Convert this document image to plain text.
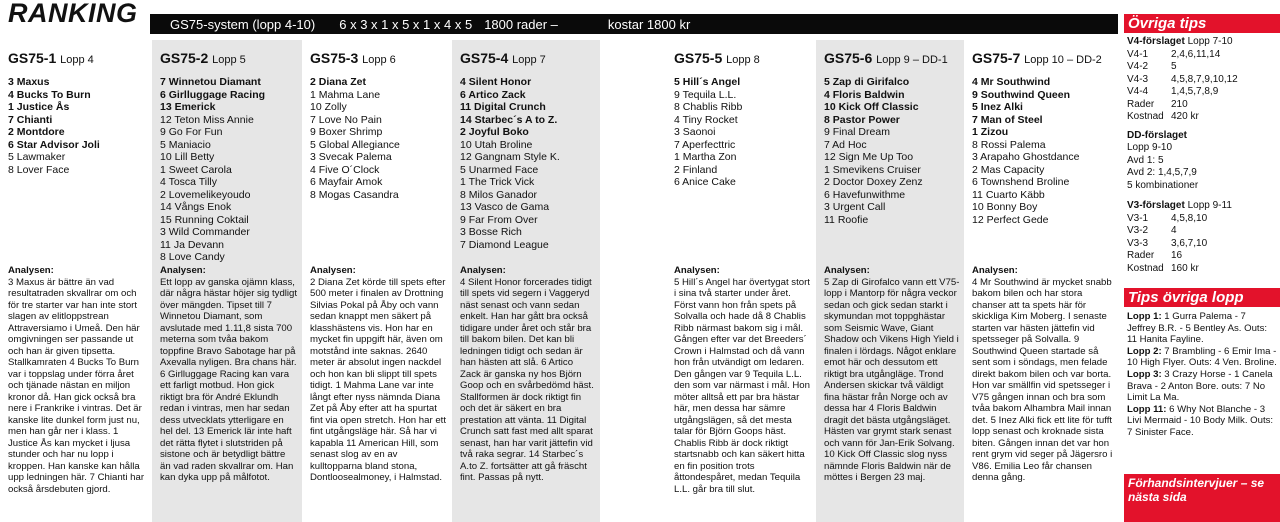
RANKING	GS75-system (lopp 4-10) 6 x 3 x 1 x 5 x 1 x 4 x 5 1800 rader –	kostar 1800 kr
GS75-1 Lopp 4
3 Maxus
4 Bucks To Burn
1 Justice Ås
7 Chianti
2 Montdore
6 Star Advisor Joli
5 Lawmaker
8 Lover Face
Analysen:

3 Maxus är bättre än vad resultatraden skvallrar om och för tre starter var han inte stort slagen av elitloppstrean Attraversiamo i Umeå. Den här omgivningen ser passande ut och han är given tipsetta. Stallkamraten 4 Bucks To Burn var i toppslag under förra året och tjänade nästan en miljon kronor då. Han gick också bra nere i Frankrike i vintras. Det är kanske lite dunkel form just nu, men han går ner i klass. 1 Justice Ås kan mycket i ljusa stunder och har nu lopp i kroppen. Han kanske kan hålla upp ledningen här. 7 Chianti har också årsdebuten gjord.

GS75-2 Lopp 5
7 Winnetou Diamant
6 Girlluggage Racing
13 Emerick
12 Teton Miss Annie
9 Go For Fun
5 Maniacio
10 Lill Betty
1 Sweet Carola
4 Tosca Tilly
2 Lovemelikeyoudo
14 Vångs Enok
15 Running Coktail
3 Wild Commander
11 Ja Devann
8 Love Candy
Analysen:

Ett lopp av ganska ojämn klass, där några hästar höjer sig tydligt över mängden. Tipset till 7 Winnetou Diamant, som avslutade med 1.11,8 sista 700 meterna som tvåa bakom toppfine Bravo Sabotage har på Axevalla nyligen. Bra chans här. 6 Girlluggage Racing kan vara ett farligt motbud. Hon gick riktigt bra för André Eklundh redan i vintras, men har sedan dess utvecklats ytterligare en hel del. 13 Emerick lär inte haft det rätta flytet i slutstriden på sistone och är betydligt bättre än vad raden skvallrar om. Han kan dyka upp på målfotot.

GS75-3 Lopp 6
2 Diana Zet
1 Mahma Lane
10 Zolly
7 Love No Pain
9 Boxer Shrimp
5 Global Allegiance
3 Svecak Palema
4 Five O´Clock
6 Mayfair Amok
8 Mogas Casandra
Analysen:

2 Diana Zet körde till spets efter 500 meter i finalen av Drottning Silvias Pokal på Åby och vann sedan knappt men säkert på klasshästens vis. Hon har en mycket fin uppgift här, även om motstånd inte saknas. 2640 meter är absolut ingen nackdel och hon kan bli slippt till spets tidigt. 1 Mahma Lane var inte långt efter nyss nämnda Diana Zet på Åby efter att ha spurtat fint via open stretch. Hon har ett fint utgångsläge här. Så har vi kapabla 11 American Hill, som senast slog av en av kulltopparna bland stona, Dontloosealmoney, i Halmstad.

GS75-4 Lopp 7
4 Silent Honor
6 Artico Zack
11 Digital Crunch
14 Starbec´s A to Z.
2 Joyful Boko
10 Utah Broline
12 Gangnam Style K.
5 Unarmed Face
1 The Trick Vick
8 Milos Ganador
13 Vasco de Gama
9 Far From Over
3 Bosse Rich
7 Diamond League
Analysen:

4 Silent Honor forcerades tidigt till spets vid segern i Vaggeryd näst senast och vann sedan enkelt. Han har gått bra också tidigare under året och står bra till bakom bilen. Det kan bli ledningen tidigt och sedan är han hästen att slå. 6 Artico Zack är ganska ny hos Björn Goop och en svårbedömd häst. Stallformen är dock riktigt fin och det är säkert en bra prestation att vänta. 11 Digital Crunch satt fast med allt sparat senast, han har varit jättefin vid två raka segrar. 14 Starbec´s A.to Z. fortsätter att gå fräscht fint. Passas på nytt.

GS75-5 Lopp 8
5 Hill´s Angel
9 Tequila L.L.
8 Chablis Ribb
4 Tiny Rocket
3 Saonoi
7 Aperfecttric
1 Martha Zon
2 Finland
6 Anice Cake
Analysen:

5 Hill´s Angel har övertygat stort i sina två starter under året. Först vann hon från spets på Solvalla och hade då 8 Chablis Ribb närmast bakom sig i mål. Gången efter var det Breeders´ Crown i Halmstad och då vann hon från utvändigt om ledaren. Den gången var 9 Tequila L.L. den som var närmast i mål. Hon möter alltså ett par bra hästar här, men dessa har sämre utgångslägen, så det mesta talar för Björn Goops häst. Chablis Ribb är dock riktigt startsnabb och kan säkert hitta en fin position trots åttondespåret, medan Tequila L.L. går bra till slut.

GS75-6 Lopp 9 – DD-1
5 Zap di Girifalco
4 Floris Baldwin
10 Kick Off Classic
8 Pastor Power
9 Final Dream
7 Ad Hoc
12 Sign Me Up Too
1 Smevikens Cruiser
2 Doctor Doxey Zenz
6 Havefunwithme
3 Urgent Call
11 Roofie
Analysen:

5 Zap di Girofalco vann ett V75-lopp i Mantorp för några veckor sedan och gick sedan starkt i skymundan mot toppghästar som Seismic Wave, Giant Shadow och Vikens High Yield i finalen i lördags. Något enklare emot här och dessutom ett riktigt bra utgångläge. Trond Andersen skickar två väldigt fina hästar från Norge och av dessa har 4 Floris Baldwin dragit det bästa utgångsläget. Hästen var grymt stark senast och vann för Jan-Erik Solvang. 10 Kick Off Classic slog nyss nämnde Floris Baldwin när de möttes i Bergen 23 maj.

GS75-7 Lopp 10 – DD-2
4 Mr Southwind
9 Southwind Queen
5 Inez Alki
7 Man of Steel
1 Zizou
8 Rossi Palema
3 Arapaho Ghostdance
2 Mas Capacity
6 Townshend Broline
11 Cuarto Käbb
10 Bonny Boy
12 Perfect Gede
Analysen:

4 Mr Southwind är mycket snabb bakom bilen och har stora chanser att ta spets här för skickliga Kim Moberg. I senaste starten var hästen jättefin vid spetsseger på Solvalla. 9 Southwind Queen startade så sent som i söndags, men felade direkt bakom bilen och var borta. Hon var smällfin vid spetsseger i V75 gången innan och bra som tvåa bakom Alhambra Mail innan det. 5 Inez Alki fick ett lite för tufft lopp senast och kroknade sista biten. Gången innan det var hon rent grym vid seger på Jägersro i V86. Emilia Leo får chansen denna gång.

Övriga tips
V4-förslaget Lopp 7-10
V4-1	2,4,6,11,14
V4-2	5
V4-3	4,5,8,7,9,10,12
V4-4	1,4,5,7,8,9
Rader	210
Kostnad 420 kr
DD-förslaget
Lopp 9-10
Avd 1: 5
Avd 2: 1,4,5,7,9
5 kombinationer
V3-förslaget Lopp 9-11
V3-1	4,5,8,10
V3-2	4
V3-3	3,6,7,10
Rader	16
Kostnad 160 kr
Tips övriga lopp

Lopp 1: 1 Gurra Palema - 7 Jeffrey B.R. - 5 Bentley As. Outs: 11 Hanita Fayline.

Lopp 2: 7 Brambling - 6 Emir Ima - 10 High Flyer. Outs: 4 Ven. Broline.

Lopp 3: 3 Crazy Horse - 1 Canela Brava - 2 Anton Bore. outs: 7 No Limit La Ma.

Lopp 11: 6 Why Not Blanche - 3 Livi Mermaid - 10 Body Milk. Outs: 7 Sinister Face.

Förhandsintervjuer – se nästa sida
